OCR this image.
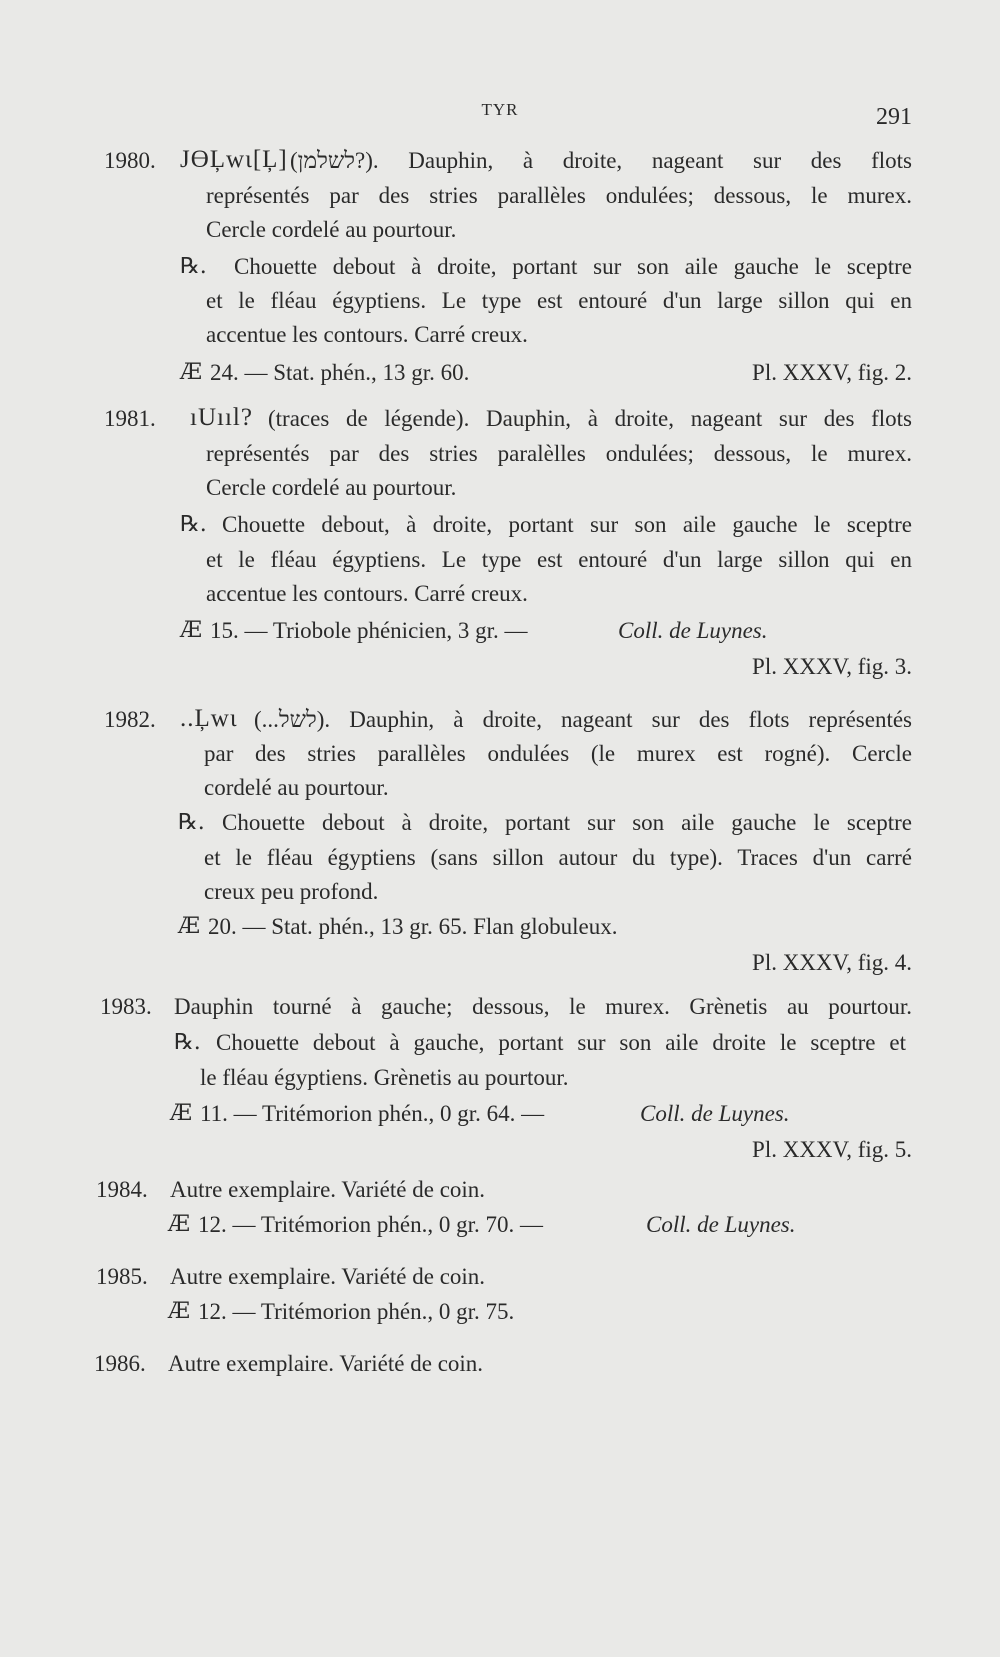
TYR	291
1980. JϴĻwɩ[Ļ] (לשלמן?). Dauphin, à droite, nageant sur des flots
représentés par des stries parallèles ondulées; dessous, le murex.
Cercle cordelé au pourtour.
℞. Chouette debout à droite, portant sur son aile gauche le sceptre
et le fléau égyptiens. Le type est entouré d'un large sillon qui en
accentue les contours. Carré creux.
Æ 24. — Stat. phén., 13 gr. 60.	Pl. XXXV, fig. 2.
1981. ıUııl? (traces de légende). Dauphin, à droite, nageant sur des flots
représentés par des stries paralèlles ondulées; dessous, le murex.
Cercle cordelé au pourtour.
℞. Chouette debout, à droite, portant sur son aile gauche le sceptre
et le fléau égyptiens. Le type est entouré d'un large sillon qui en
accentue les contours. Carré creux.
Æ 15. — Triobole phénicien, 3 gr. —	Coll. de Luynes.
Pl. XXXV, fig. 3.
1982. ..Ļwɩ (...לשל). Dauphin, à droite, nageant sur des flots représentés
par des stries parallèles ondulées (le murex est rogné). Cercle
cordelé au pourtour.
℞. Chouette debout à droite, portant sur son aile gauche le sceptre
et le fléau égyptiens (sans sillon autour du type). Traces d'un carré
creux peu profond.
Æ 20. — Stat. phén., 13 gr. 65. Flan globuleux.
Pl. XXXV, fig. 4.
1983. Dauphin tourné à gauche; dessous, le murex. Grènetis au pourtour.
℞. Chouette debout à gauche, portant sur son aile droite le sceptre et
le fléau égyptiens. Grènetis au pourtour.
Æ 11. — Tritémorion phén., 0 gr. 64. —	Coll. de Luynes.
Pl. XXXV, fig. 5.
1984. Autre exemplaire. Variété de coin.
Æ 12. — Tritémorion phén., 0 gr. 70. —	Coll. de Luynes.
1985. Autre exemplaire. Variété de coin.
Æ 12. — Tritémorion phén., 0 gr. 75.
1986. Autre exemplaire. Variété de coin.
